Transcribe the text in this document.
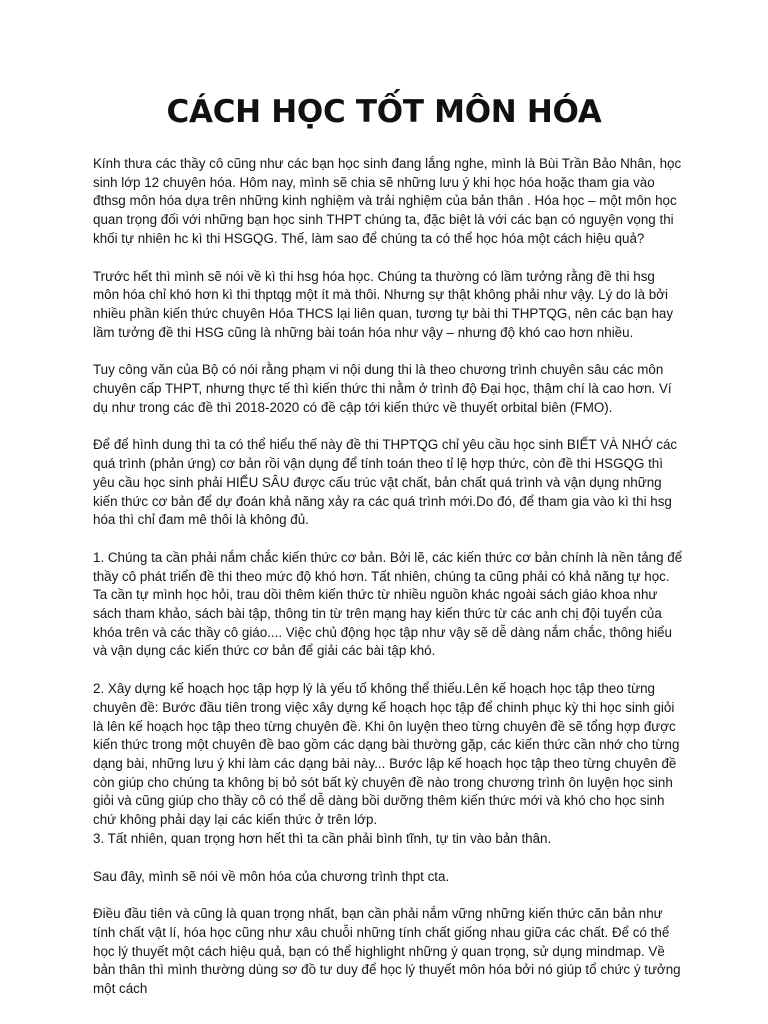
CÁCH HỌC TỐT MÔN HÓA

Kính thưa các thầy cô cũng như các bạn học sinh đang lắng nghe, mình là Bùi Trần Bảo Nhân, học sinh lớp 12 chuyên hóa. Hôm nay, mình sẽ chia sẽ những lưu ý khi học hóa hoặc tham gia vào đthsg môn hóa dựa trên những kinh nghiệm và trải nghiệm của bản thân . Hóa học – một môn học quan trọng đối với những bạn học sinh THPT chúng ta, đặc biệt là với các bạn có nguyện vọng thi khối tự nhiên hc kì thi HSGQG. Thế, làm sao để chúng ta có thể học hóa một cách hiệu quả?

Trước hết thì mình sẽ nói về kì thi hsg hóa học. Chúng ta thường có lầm tưởng rằng đề thi hsg môn hóa chỉ khó hơn kì thi thptqg một ít mà thôi. Nhưng sự thật không phải như vậy. Lý do là bởi nhiều phần kiến thức chuyên Hóa THCS lại liên quan, tương tự bài thi THPTQG, nên các bạn hay lầm tưởng đề thi HSG cũng là những bài toán hóa như vậy – nhưng độ khó cao hơn nhiều.

Tuy công văn của Bộ có nói rằng phạm vi nội dung thi là theo chương trình chuyên sâu các môn chuyên cấp THPT, nhưng thực tế thì kiến thức thi nằm ở trình độ Đại học, thậm chí là cao hơn. Ví dụ như trong các đề thì 2018-2020 có đề cập tới kiến thức về thuyết orbital biên (FMO).

Để để hình dung thì ta có thể hiểu thế này đề thi THPTQG chỉ yêu cầu học sinh BIẾT VÀ NHỚ các quá trình (phản ứng) cơ bản rồi vận dụng để tính toán theo tỉ lệ hợp thức, còn đề thi HSGQG thì yêu cầu học sinh phải HIỂU SÂU được cấu trúc vật chất, bản chất quá trình và vận dụng những kiến thức cơ bản để dự đoán khả năng xảy ra các quá trình mới.Do đó, để tham gia vào kì thi hsg hóa thì chỉ đam mê thôi là không đủ.

1. Chúng ta cần phải nắm chắc kiến thức cơ bản. Bởi lẽ, các kiến thức cơ bản chính là nền tảng để thầy cô phát triển đề thi theo mức độ khó hơn. Tất nhiên, chúng ta cũng phải có khả năng tự học. Ta cần tự mình học hỏi, trau dồi thêm kiến thức từ nhiều nguồn khác ngoài sách giáo khoa như sách tham khảo, sách bài tập, thông tin từ trên mạng hay kiến thức từ các anh chị đội tuyển của khóa trên và các thầy cô giáo.... Việc chủ động học tập như vậy sẽ dễ dàng nắm chắc, thông hiểu và vận dụng các kiến thức cơ bản để giải các bài tập khó.

2. Xây dựng kế hoạch học tập hợp lý là yếu tố không thể thiếu.Lên kế hoạch học tập theo từng chuyên đề: Bước đầu tiên trong việc xây dựng kế hoạch học tập để chinh phục kỳ thi học sinh giỏi là lên kế hoạch học tập theo từng chuyên đề. Khi ôn luyện theo từng chuyên đề sẽ tổng hợp được kiến thức trong một chuyên đề bao gồm các dạng bài thường gặp, các kiến thức cần nhớ cho từng dạng bài, những lưu ý khi làm các dạng bài này... Bước lập kế hoạch học tập theo từng chuyên đề còn giúp cho chúng ta không bị bỏ sót bất kỳ chuyên đề nào trong chương trình ôn luyện học sinh giỏi và cũng giúp cho thầy cô có thể dễ dàng bồi dưỡng thêm kiến thức mới và khó cho học sinh chứ không phải dạy lại các kiến thức ở trên lớp.

3. Tất nhiên, quan trọng hơn hết thì ta cần phải bình tĩnh, tự tin vào bản thân.

Sau đây, mình sẽ nói về môn hóa của chương trình thpt cta.

Điều đầu tiên và cũng là quan trọng nhất, bạn cần phải nắm vững những kiến thức căn bản như tính chất vật lí, hóa học cũng như xâu chuỗi những tính chất giống nhau giữa các chất. Để có thể học lý thuyết một cách hiệu quả, bạn có thể highlight những ý quan trọng, sử dụng mindmap. Về bản thân thì mình thường dùng sơ đồ tư duy để học lý thuyết môn hóa bởi nó giúp tổ chức ý tưởng một cách
